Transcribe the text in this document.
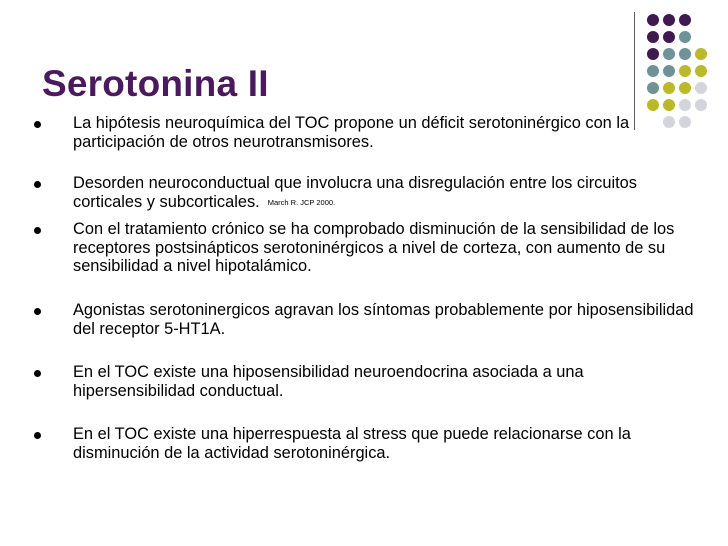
Serotonina II
La hipótesis neuroquímica del TOC propone un déficit serotoninérgico con la participación de otros neurotransmisores.
Desorden neuroconductual que involucra una disregulación entre los circuitos corticales y subcorticales. March R. JCP 2000.
Con el tratamiento crónico se ha comprobado disminución de la sensibilidad de los receptores postsinápticos serotoninérgicos a nivel de corteza, con aumento de su sensibilidad a nivel hipotalámico.
Agonistas serotoninergicos agravan los síntomas probablemente por hiposensibilidad del receptor 5-HT1A.
En el TOC existe una hiposensibilidad neuroendocrina asociada a una hipersensibilidad conductual.
En el TOC existe una hiperrespuesta al stress que puede relacionarse con la disminución de la actividad serotoninérgica.
